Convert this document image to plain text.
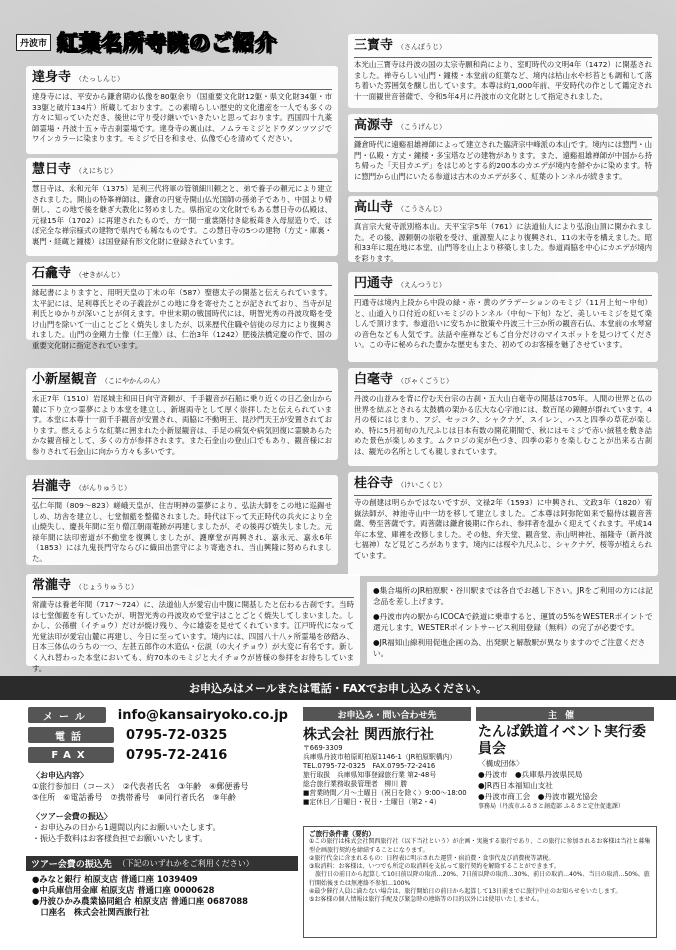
丹波市 紅葉名所寺院のご紹介
達身寺 （たっしんじ）
達身寺には、平安から鎌倉期の仏像を80躯余り（国重要文化財12躯・県文化財34躯・市33躯と破片134片）所蔵しております。この素晴らしい歴史的文化遺産を一人でも多くの方々に知っていただき、後世に守り受け継いでいきたいと思っております。西国四十九薬師霊場・丹波十五ヶ寺古刹霊場です。達身寺の裏山は、ノムラモミジとドウダンツツジでワインカラーに染まります。モミジで日を和ませ、仏像で心を清めてください。
慧日寺 （えにちじ）
慧日寺は、永和元年（1375）足利三代将軍の管領細川頼之と、弟で養子の頼元により建立されました。開山の特峯禅師は、鎌倉の円覚寺開山仏光国師の孫弟子であり、中国より帰朝し、この地で後を継ぎ大教化に努めました。県指定の文化財でもある慧日寺の仏殿は、元禄15年（1702）に再建されたもので、方一間一重裳階付き総板葺き入母屋造りで、ほぼ完全な禅宗様式の建物で県内でも稀なものです。この慧日寺の5つの建物（方丈・庫裏・裏門・経蔵と鐘楼）は国登録有形文化財に登録されています。
石龕寺 （せきがんじ）
縁起書によりますと、用明天皇の丁未の年（587）聖徳太子の開基と伝えられています。太平記には、足利尊氏とその子義詮がこの地に身を寄せたことが記されており、当寺が足利氏とゆかりが深いことが伺えます。中世末期の戦国時代には、明智光秀の丹波攻略を受け山門を除いて一山ことごとく焼失しましたが、以来歴代住職や信徒の尽力により復興されました。山門の金剛力士像（仁王像）は、仁治3年（1242）肥後法橋定慶の作で、国の重要文化財に指定されています。
小新屋観音 （こにやかんのん）
永正7年（1510）岩尾城主和田日向守斉頼が、千手観音が石船に乗り近くの日乙金山から麓に下り立つ霊夢により本堂を建立し、新堀両寺として厚く崇拝したと伝えられています。本堂に本尊十一面千手観音が安置され、両脇に不動明王、昆沙門天王が安置されております。燃えるような紅葉に囲まれた小新屋観音は、手足の病気や病気回復に霊験あらたかな観音様として、多くの方が参拝されます。また石金山の登山口でもあり、観音様にお参りされて石金山に向かう方々も多いです。
岩瀧寺 （がんりゅうじ）
弘仁年間（809〜823）嵯峨天皇が、住吉明神の霊夢により、弘法大師をこの地に巡錫せしめ、坊舎を建立し、七堂伽藍を整備されました。時代は下って天正時代の兵火により全山焼失し、慶長年間に至り僧江朝雨菴跡が再建しましたが、その後再び焼失しました。元禄年間に法印密道が不動堂を復興しましたが、護摩堂が再興され、嘉永元、嘉永6年（1853）には九鬼長門守ならびに織田出雲守により寄進され、当山興隆に努められました。
常瀧寺 （じょうりゅうじ）
常瀧寺は養老年間（717〜724）に、法道仙人が愛宕山中腹に開基したと伝わる古刹です。当時は七堂伽藍を有していたが、明智光秀の丹波攻めで堂宇はことごとく焼失してしまいました。しかし、公孫樹（イチョウ）だけが焼け残り、今に雄姿を見せてくれています。江戸時代になって光覚法印が愛宕山麓に再建し、今日に至っています。境内には、四国八十八ヶ所霊場を砂踏み、日本三体仏のうちの一つ、左甚五郎作の木造仏・伝説（の大イチョウ）が大変に有名です。新しく入れ替わった本堂においても、約70本のモミジと大イチョウが皆様の参拝をお待ちしています。
三寳寺 （さんぼうじ）
本光山三寳寺は丹波の国の太宗寺願和尚により、室町時代の文明4年（1472）に開基されました。禅寺らしい山門・鐘楼・本堂前の紅葉など、境内は枯山水や杉苔とも調和して落ち着いた雰囲気を醸し出しています。本尊は約1,000年前、平安時代の作として鑑定され十一面観世音菩薩で、令和5年4月に丹波市の文化財として指定されました。
高源寺 （こうげんじ）
鎌倉時代に遠谿祖雄禅師によって建立された臨済宗中峰派の本山です。境内には惣門・山門・仏殿・方丈・鐘楼・多宝塔などの建物があります。また、遠谿祖雄禅師が中国から持ち帰った「天目カエデ」をはじめとする約200本のカエデが境内を鮮やかに染めます。特に惣門から山門にいたる参道は古木のカエデが多く、紅葉のトンネルが続きます。
高山寺 （こうさんじ）
真言宗大覚寺派別格本山。天平宝字5年（761）に法道仙人により弘浪山頂に開かれました。その後、源頼朝の崇敬を受け、重源聖人により復興され、11の末寺を構えました。昭和33年に現在地に本堂、山門等を山上より移築しました。参道両脇を中心にカエデが境内を彩ります。
円通寺 （えんつうじ）
円通寺は境内上段から中段の緑・赤・黄のグラデーションのモミジ（11月上旬〜中旬）と、山道入り口付近の紅いモミジのトンネル（中旬〜下旬）など、美しいモミジを見て楽しんで頂けます。参道沿いに安ちかに散策や丹波三十三か所の観音石仏、本堂前の水琴窟の音色なども人気です。法話や座禅などもご自分だけのマイスポットを見つけてください。この寺に秘められた豊かな歴史もまた、初めてのお客様を魅了させています。
白毫寺 （びゃくごうじ）
丹波の山並みを背に佇む天台宗の古刹・五大山白毫寺の開基は705年。人間の世界と仏の世界を結ぶとされる太鼓橋の架かる広大な心字池には、数百尾の錦鯉が群れています。4月の桜にはじまり、フジ、セッコク、シャクナゲ、スイレン、ハスと四季の草花が楽しめ、特に5月初旬の九尺ふじは日本有数の開花期間で、秋にはモミジで赤い絨毯を敷き詰めた景色が楽しめます。ムクロジの実が色づき、四季の彩りを楽しむことが出来る古刹は、観光の名所としても親しまれています。
桂谷寺 （けいこくじ）
寺の創建は明らかではないですが、文禄2年（1593）に中興され、文政3年（1820）宥嶽法師が、神池寺山中一坊を移して建立しました。ご本尊は阿弥陀如来で脇侍は観音菩薩、勢至菩薩です。両菩薩は鎌倉後期に作られ、参拝者を温かく迎えてくれます。平成14年に本堂、庫裡を改修しました。その他、弁天堂、観音堂、赤山明神社、福隆寺（新丹波七福神）など見どころがあります。境内には桜や九尺ふじ、シャクナゲ、桜等が植えられています。
●集合場所のJR柏原駅・谷川駅までは各自でお越し下さい。JRをご利用の方には記念品を差し上げます。
●丹波市内の駅からICOCAで鉄道に乗車すると、運賃の5%をWESTERポイントで還元します。WESTERポイントサービス利用登録（無料）の完了が必要です。
●JR福知山線利用促進企画の為、出発駅と解散駅が異なりますのでご注意ください。
お申込みはメールまたは電話・FAXでお申し込みください。
メール	info@kansairyoko.co.jp
電話	0795-72-0325
FAX	0795-72-2416
〈お申込内容〉
①旅行参加日（コース）　②代表者氏名　③年齢　④郵便番号
⑤住所　⑥電話番号　⑦携帯番号　⑧同行者氏名　⑨年齢
〈ツアー会費の振込〉
・お申込みの日から1週間以内にお願いいたします。
・振込手数料はお客様負担でお願いいたします。
ツアー会費の振込先 （下記のいずれかをご利用ください）
●みなと銀行 柏原支店 普通口座 1039409
●中兵庫信用金庫 柏原支店 普通口座 0000628
●丹波ひかみ農業協同組合 柏原支店 普通口座 0687088
　口座名　株式会社関西旅行社
お申込み・問い合わせ先
株式会社 関西旅行社
〒669-3309
兵庫県丹波市柏原町柏原1146-1（JR柏原駅構内）
TEL.0795-72-0325　FAX.0795-72-2416
旅行取扱　兵庫県知事登録旅行業 第2-48号
総合旅行業務取扱管理者　柳川 勝
■営業時間／月〜土曜日（祝日を除く）9:00〜18:00
■定休日／日曜日・祝日・土曜日（第2・4）
主催
たんば鉄道イベント実行委員会
〈構成団体〉
●丹波市　●兵庫県丹波県民局
●JR西日本福知山支社
●丹波市商工会　●丹波市観光協会
事務局（丹波市ふるさと創造部 ふるさと定住促進課）
ご旅行条件書（要約）
①この旅行は株式会社関西旅行社（以下当社という）が企画・実施する旅行であり、この旅行に参加されるお客様は当社と募集型企画旅行契約を締結することになります。
②旅行代金に含まれるもの：日程表に明示された運賃・宿泊費・食事代及び消費税等諸税。
③取消料：お客様は、いつでも所定の取消料を支払って旅行契約を解除することができます。
　旅行日の前日から起算して10日前以降の取消…20%、7日前以降の取消…30%、前日の取消…40%、当日の取消…50%、旅行開始後または無連絡不参加…100%
④最少催行人員に満たない場合は、旅行開始日の前日から起算して13日前までに旅行中止のお知らせをいたします。
⑤お客様の個人情報は旅行手配及び緊急時の連絡等の目的以外には使用いたしません。
